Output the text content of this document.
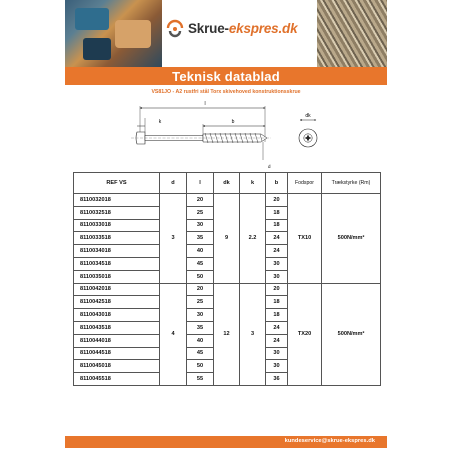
Skrue-ekspres.dk
Teknisk datablad
VS81JO - A2 rustfri stål Torx skivehoved konstruktionsskrue
l
k	b
d
dk
REF VS	d	l	dk	k	b	Fodspor	Trækstyrke (Rm)
8110032018	3	20	9	2.2	20	TX10	500N/mm²
8110032518		25			18		
8110033018		30			18		
8110033518		35			24		
8110034018		40			24		
8110034518		45			30		
8110035018		50			30		
8110042018	4	20	12	3	20	TX20	500N/mm²
8110042518		25			18		
8110043018		30			18		
8110043518		35			24		
8110044018		40			24		
8110044518		45			30		
8110045018		50			30		
8110045518		55			36		
kundeservice@skrue-ekspres.dk
